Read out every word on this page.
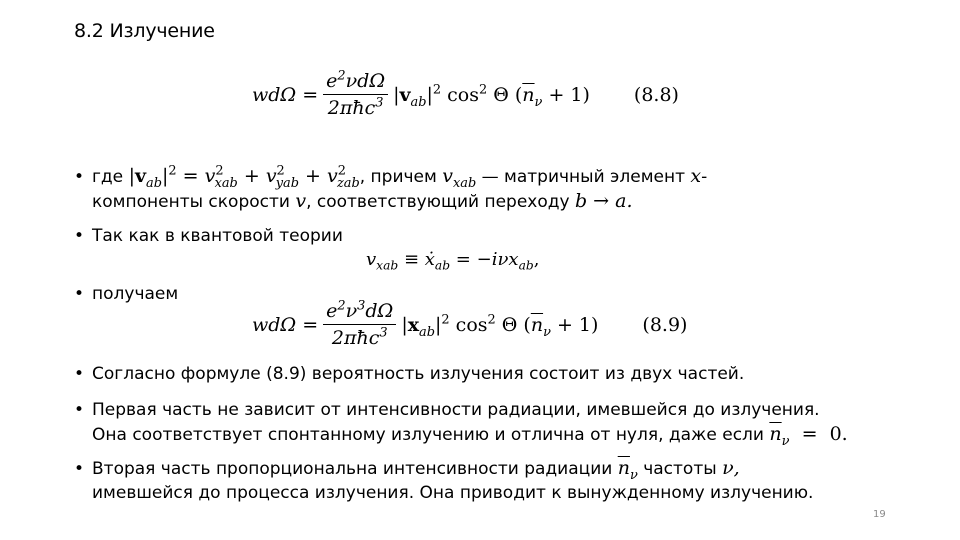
8.2 Излучение
$wd\Omega = \frac{e^2\nu d\Omega}{2\pi ħc^3} |v_{ab}|^2$ $\cos^2 \Theta$ $(\overline{n}_\nu + 1)$ (8.8)
• где $|v_{ab}|^2 = v^2_{xab} + v^2_{yab} + v^2_{zab}$, причем $v_{xab}$ — матричный элемент x-
компоненты скорости v, соответствующий переходу b → a.
• Так как в квантовой теории
$v_{xab}$ ≡ ẋ$_{ab}$ = −iνx$_{ab}$,
• получаем
$wd\Omega = \frac{e^2\nu^3d\Omega}{2\pi ħc^3} |x_{ab}|^2$ $\cos^2 \Theta$ $(\overline{n}_\nu + 1)$ (8.9)
• Согласно формуле (8.9) вероятность излучения состоит из двух частей.
• Первая часть не зависит от интенсивности радиации, имевшейся до излучения.
Она соответствует спонтанному излучению и отлична от нуля, даже если $\overline{n}_\nu = 0$.
• Вторая часть пропорциональна интенсивности радиации $\overline{n}_\nu$ частоты ν,
имевшейся до процесса излучения. Она приводит к вынужденному излучению.
19
